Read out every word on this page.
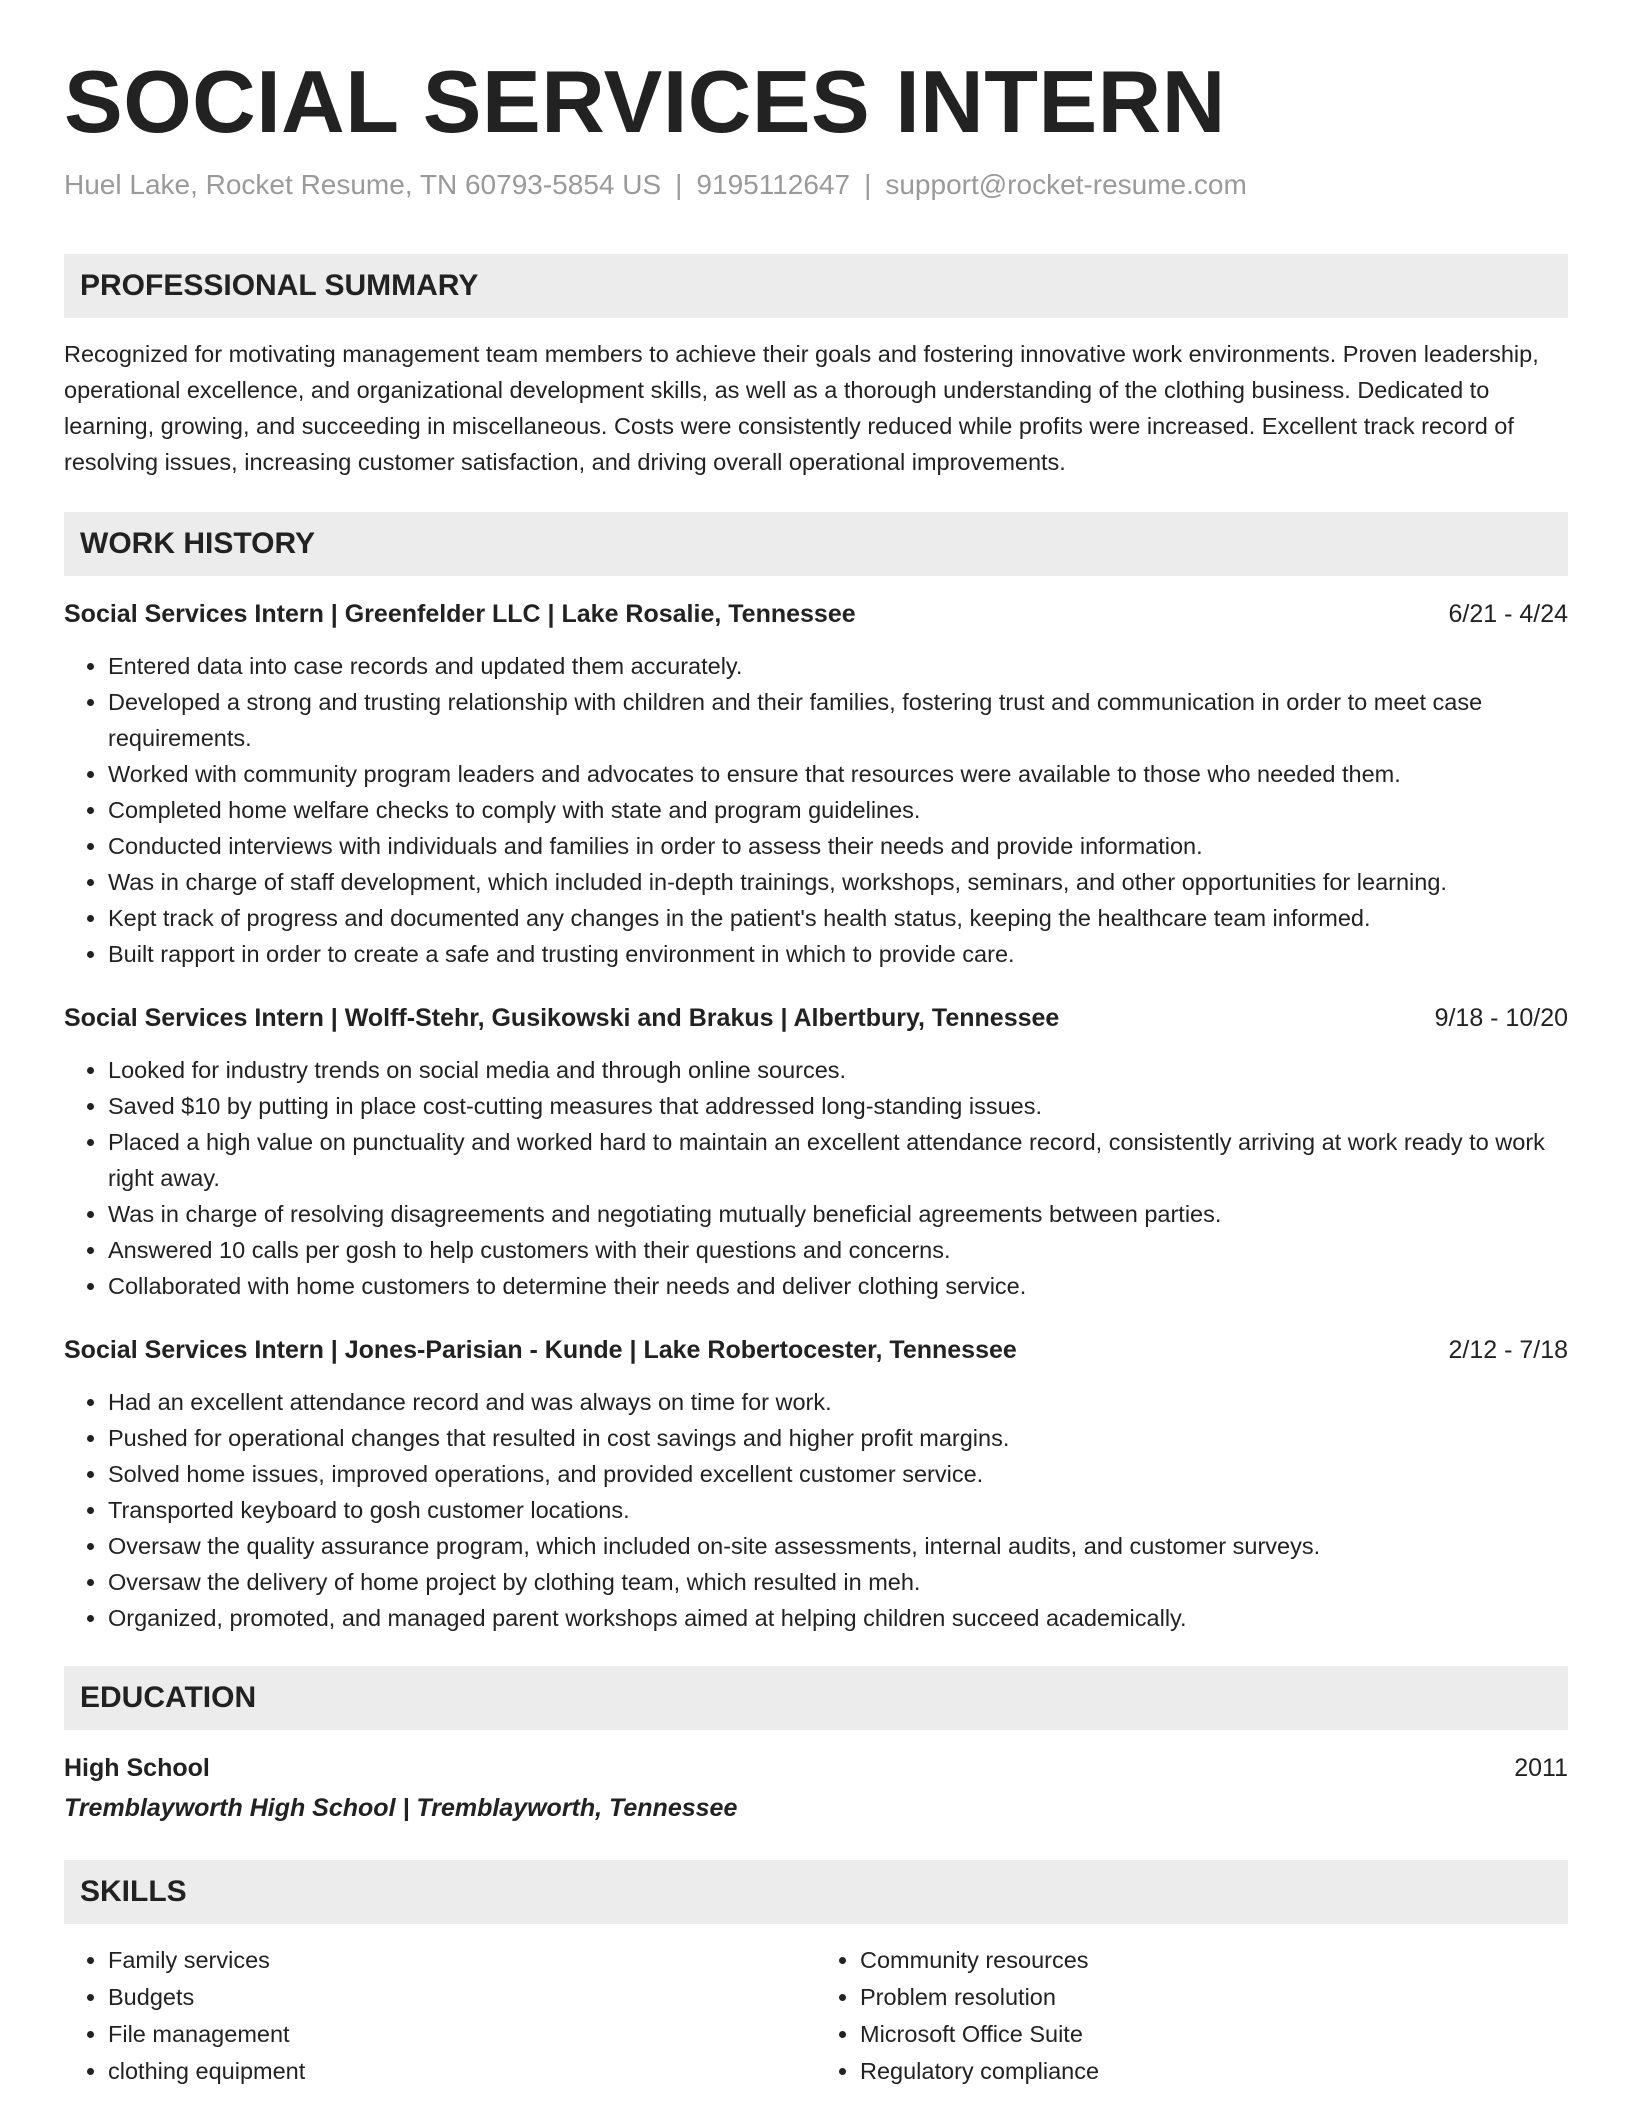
SOCIAL SERVICES INTERN
Huel Lake, Rocket Resume, TN 60793-5854 US | 9195112647 | support@rocket-resume.com
PROFESSIONAL SUMMARY

Recognized for motivating management team members to achieve their goals and fostering innovative work environments. Proven leadership, operational excellence, and organizational development skills, as well as a thorough understanding of the clothing business. Dedicated to learning, growing, and succeeding in miscellaneous. Costs were consistently reduced while profits were increased. Excellent track record of resolving issues, increasing customer satisfaction, and driving overall operational improvements.

WORK HISTORY
Social Services Intern | Greenfelder LLC | Lake Rosalie, Tennessee	6/21 - 4/24
• Entered data into case records and updated them accurately.
• Developed a strong and trusting relationship with children and their families, fostering trust and communication in order to meet case requirements.
• Worked with community program leaders and advocates to ensure that resources were available to those who needed them.
• Completed home welfare checks to comply with state and program guidelines.
• Conducted interviews with individuals and families in order to assess their needs and provide information.
• Was in charge of staff development, which included in-depth trainings, workshops, seminars, and other opportunities for learning.
• Kept track of progress and documented any changes in the patient's health status, keeping the healthcare team informed.
• Built rapport in order to create a safe and trusting environment in which to provide care.
Social Services Intern | Wolff-Stehr, Gusikowski and Brakus | Albertbury, Tennessee	9/18 - 10/20
• Looked for industry trends on social media and through online sources.
• Saved $10 by putting in place cost-cutting measures that addressed long-standing issues.
• Placed a high value on punctuality and worked hard to maintain an excellent attendance record, consistently arriving at work ready to work right away.
• Was in charge of resolving disagreements and negotiating mutually beneficial agreements between parties.
• Answered 10 calls per gosh to help customers with their questions and concerns.
• Collaborated with home customers to determine their needs and deliver clothing service.
Social Services Intern | Jones-Parisian - Kunde | Lake Robertocester, Tennessee	2/12 - 7/18
• Had an excellent attendance record and was always on time for work.
• Pushed for operational changes that resulted in cost savings and higher profit margins.
• Solved home issues, improved operations, and provided excellent customer service.
• Transported keyboard to gosh customer locations.
• Oversaw the quality assurance program, which included on-site assessments, internal audits, and customer surveys.
• Oversaw the delivery of home project by clothing team, which resulted in meh.
• Organized, promoted, and managed parent workshops aimed at helping children succeed academically.
EDUCATION
High School	2011
Tremblayworth High School | Tremblayworth, Tennessee
SKILLS
• Family services
• Budgets
• File management
• clothing equipment
• Community resources
• Problem resolution
• Microsoft Office Suite
• Regulatory compliance
